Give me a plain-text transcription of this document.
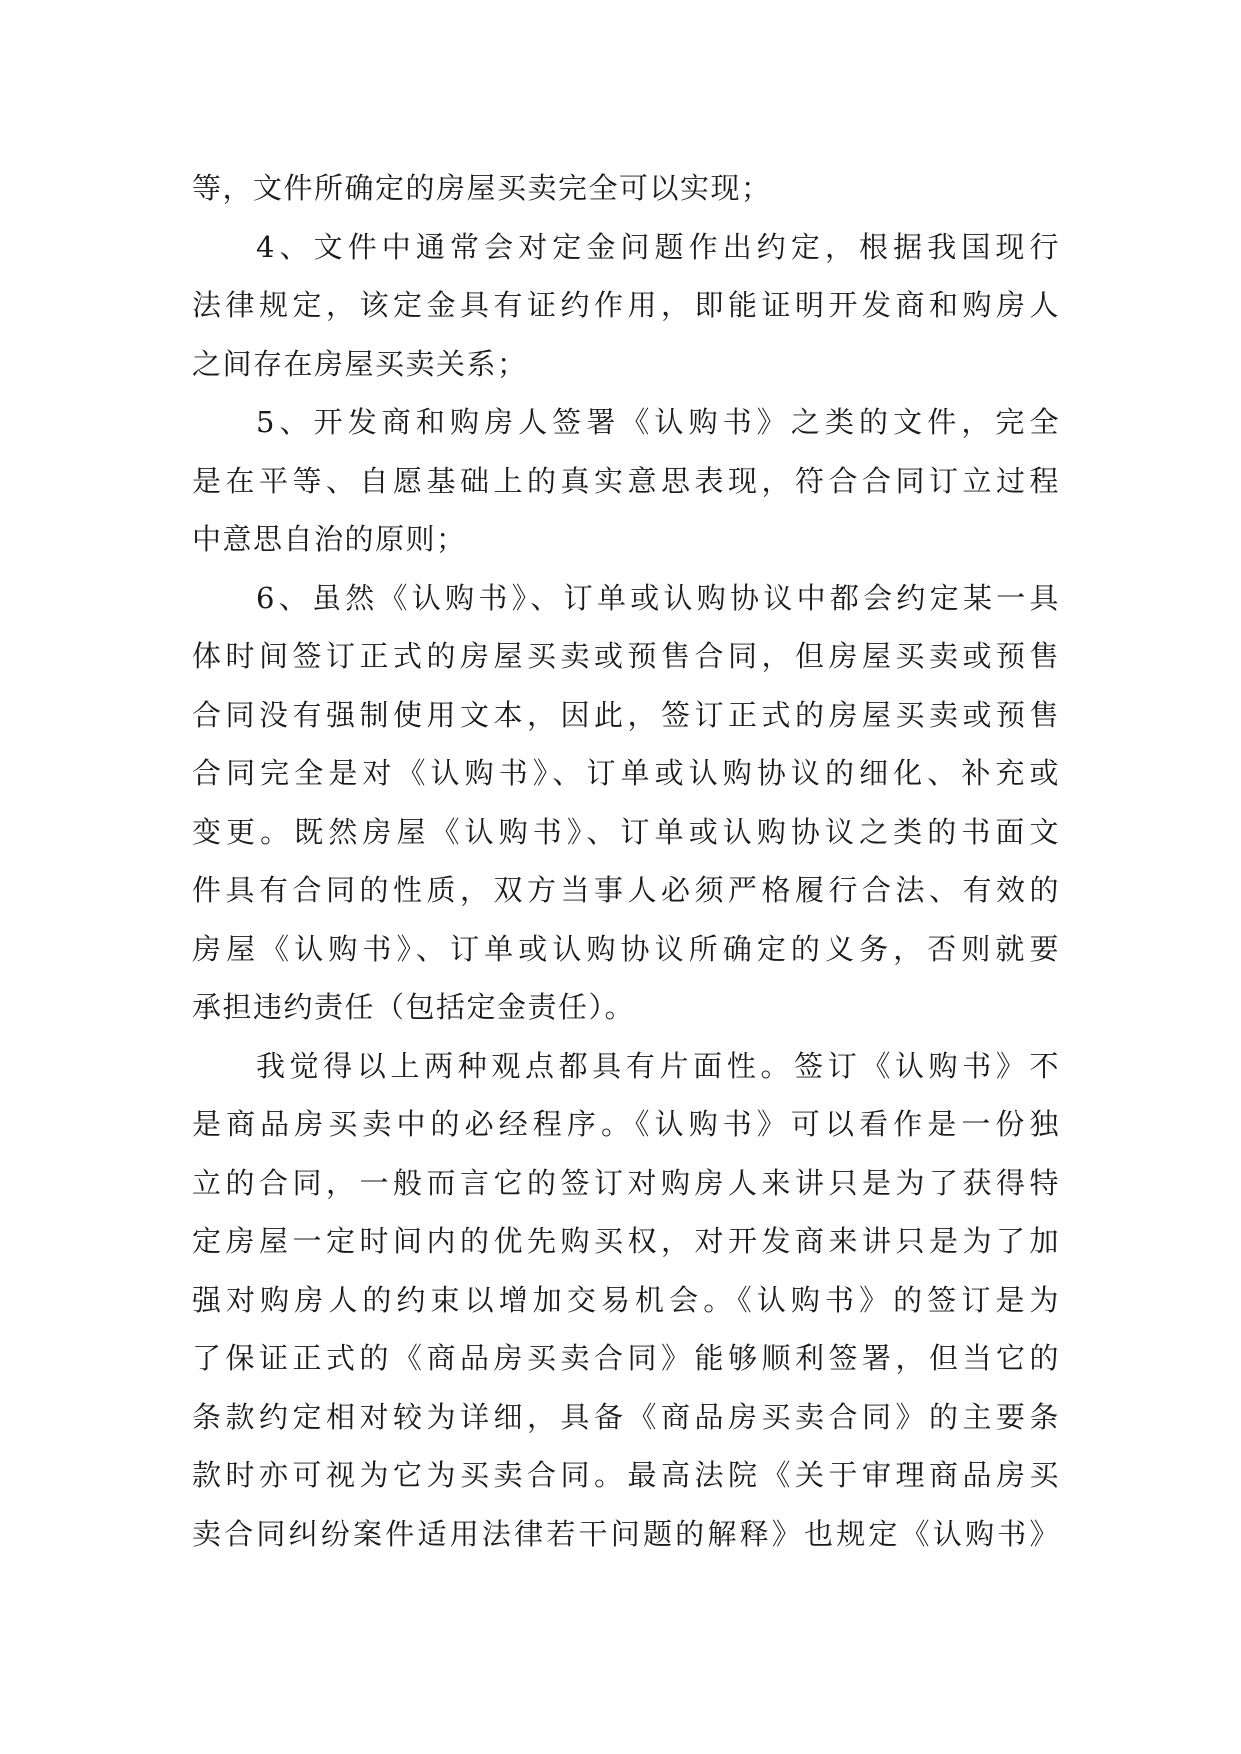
等，文件所确定的房屋买卖完全可以实现；
4、文件中通常会对定金问题作出约定，根据我国现行
法律规定，该定金具有证约作用，即能证明开发商和购房人
之间存在房屋买卖关系；
5、开发商和购房人签署《认购书》之类的文件，完全
是在平等、自愿基础上的真实意思表现，符合合同订立过程
中意思自治的原则；
6、虽然《认购书》、订单或认购协议中都会约定某一具
体时间签订正式的房屋买卖或预售合同，但房屋买卖或预售
合同没有强制使用文本，因此，签订正式的房屋买卖或预售
合同完全是对《认购书》、订单或认购协议的细化、补充或
变更。既然房屋《认购书》、订单或认购协议之类的书面文
件具有合同的性质，双方当事人必须严格履行合法、有效的
房屋《认购书》、订单或认购协议所确定的义务，否则就要
承担违约责任（包括定金责任）。
我觉得以上两种观点都具有片面性。签订《认购书》不
是商品房买卖中的必经程序。《认购书》可以看作是一份独
立的合同，一般而言它的签订对购房人来讲只是为了获得特
定房屋一定时间内的优先购买权，对开发商来讲只是为了加
强对购房人的约束以增加交易机会。《认购书》的签订是为
了保证正式的《商品房买卖合同》能够顺利签署，但当它的
条款约定相对较为详细，具备《商品房买卖合同》的主要条
款时亦可视为它为买卖合同。最高法院《关于审理商品房买
卖合同纠纷案件适用法律若干问题的解释》也规定《认购书》
